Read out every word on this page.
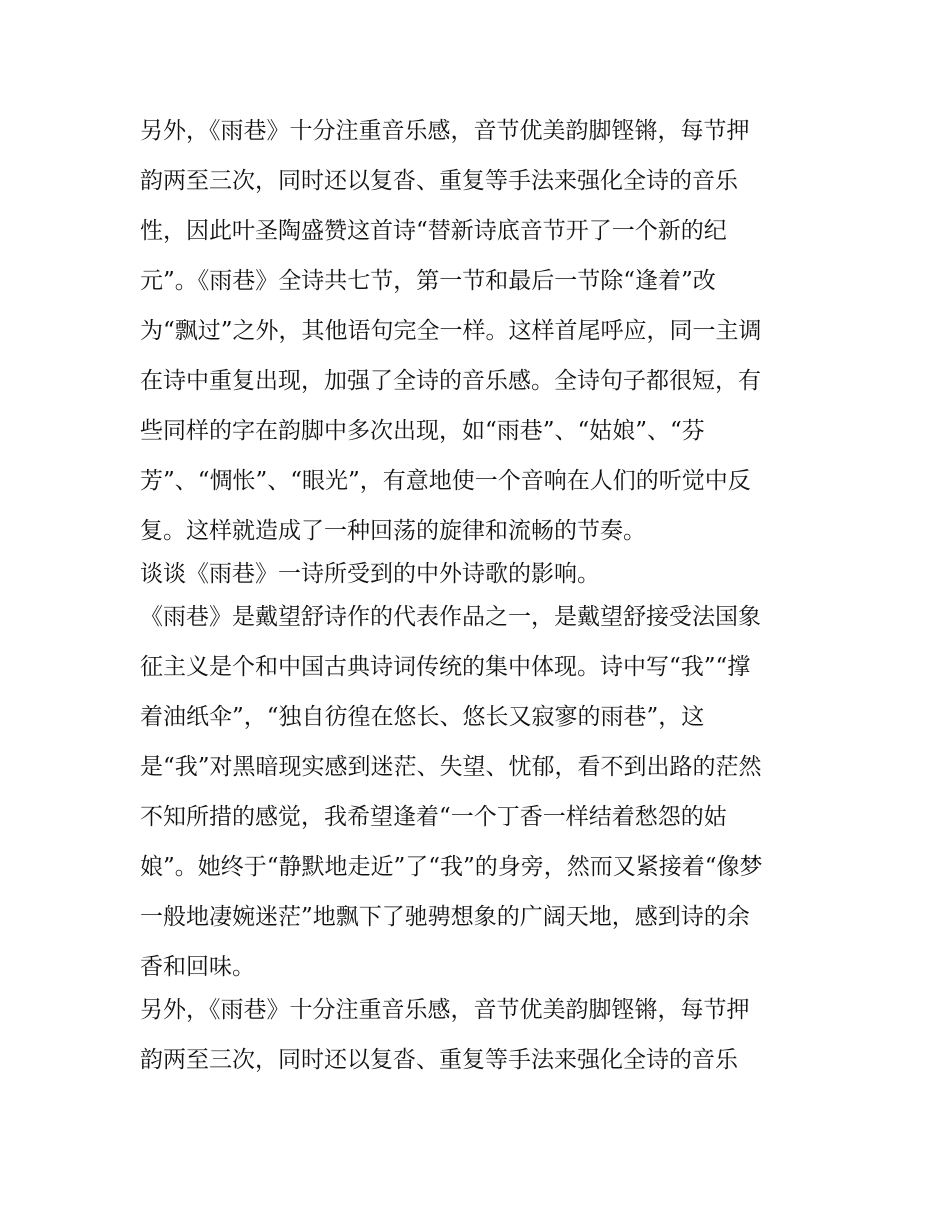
另外，《雨巷》十分注重音乐感，音节优美韵脚铿锵，每节押
韵两至三次，同时还以复沓、重复等手法来强化全诗的音乐
性，因此叶圣陶盛赞这首诗“替新诗底音节开了一个新的纪
元”。《雨巷》全诗共七节，第一节和最后一节除“逢着”改
为“飘过”之外，其他语句完全一样。这样首尾呼应，同一主调
在诗中重复出现，加强了全诗的音乐感。全诗句子都很短，有
些同样的字在韵脚中多次出现，如“雨巷”、“姑娘”、“芬
芳”、“惆怅”、“眼光”，有意地使一个音响在人们的听觉中反
复。这样就造成了一种回荡的旋律和流畅的节奏。
谈谈《雨巷》一诗所受到的中外诗歌的影响。
《雨巷》是戴望舒诗作的代表作品之一，是戴望舒接受法国象
征主义是个和中国古典诗词传统的集中体现。诗中写“我”“撑
着油纸伞”，“独自彷徨在悠长、悠长又寂寥的雨巷”，这
是“我”对黑暗现实感到迷茫、失望、忧郁，看不到出路的茫然
不知所措的感觉，我希望逢着“一个丁香一样结着愁怨的姑
娘”。她终于“静默地走近”了“我”的身旁，然而又紧接着“像梦
一般地凄婉迷茫”地飘下了驰骋想象的广阔天地，感到诗的余
香和回味。
另外，《雨巷》十分注重音乐感，音节优美韵脚铿锵，每节押
韵两至三次，同时还以复沓、重复等手法来强化全诗的音乐
